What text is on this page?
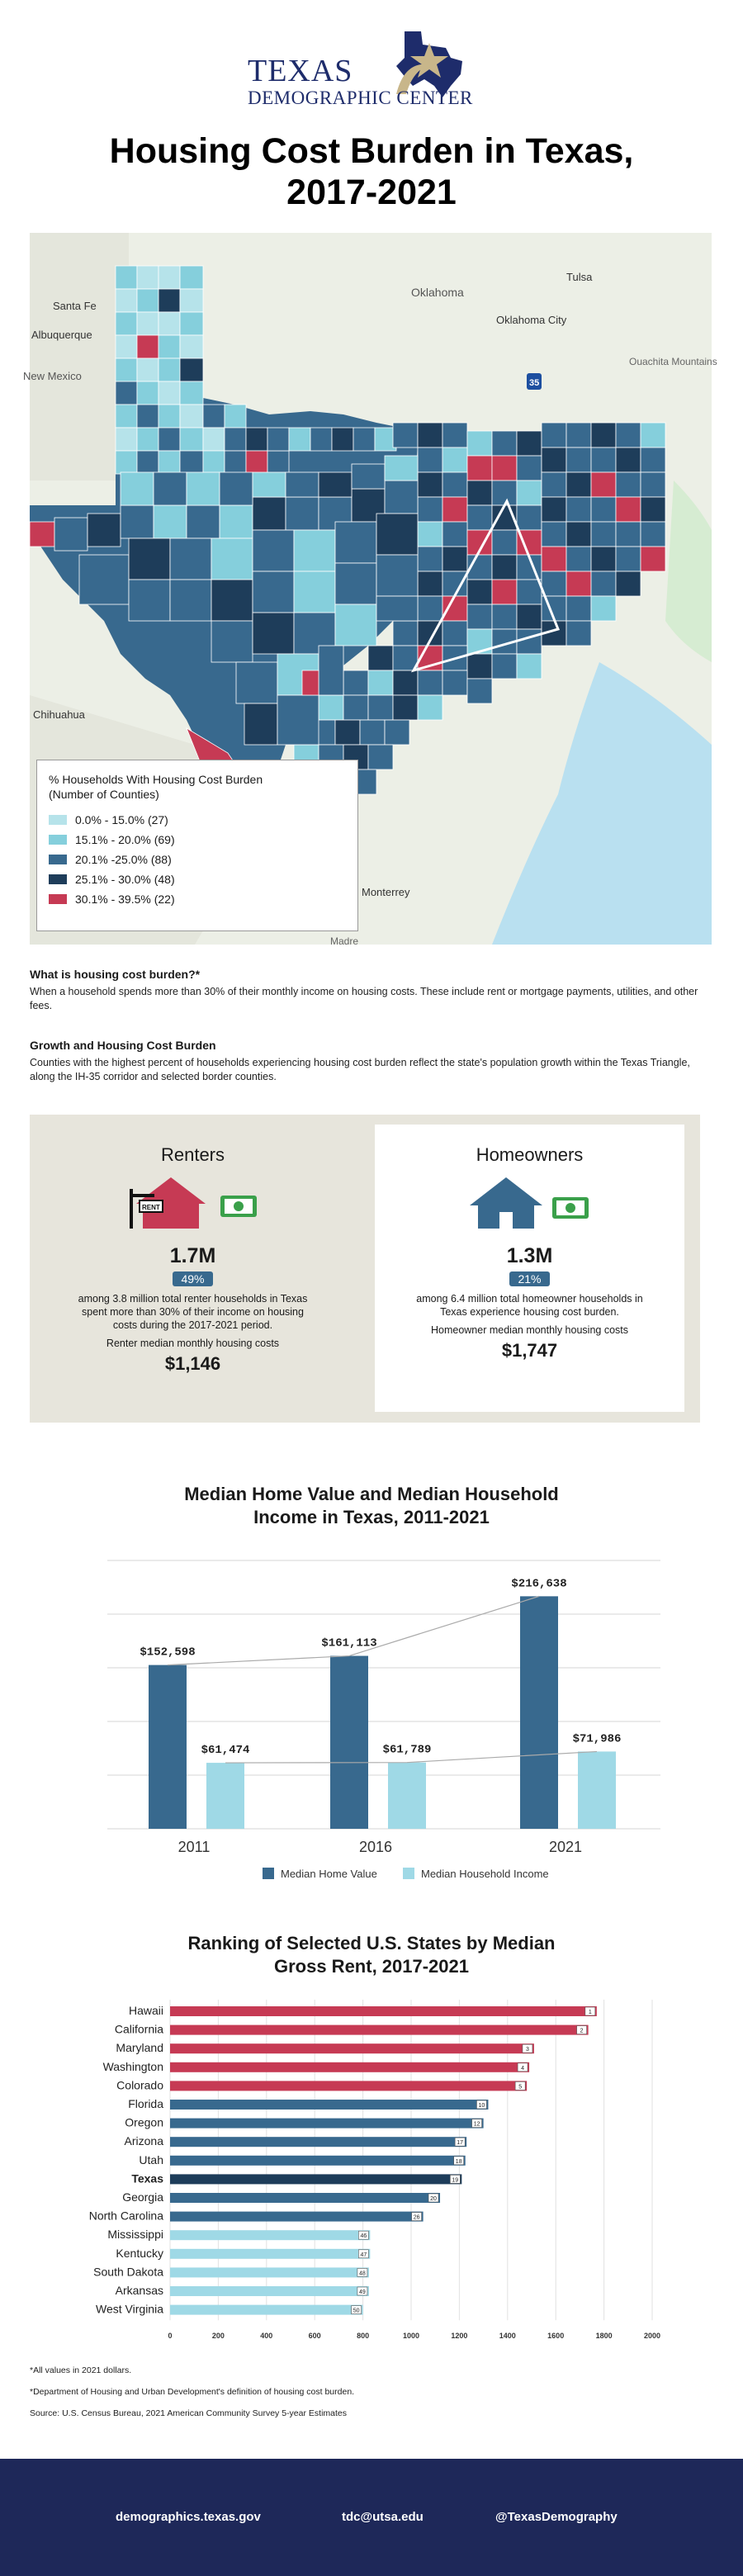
TEXAS
DEMOGRAPHIC CENTER
Housing Cost Burden in Texas,
2017-2021
Santa Fe
Albuquerque
New Mexico
Oklahoma
Tulsa
Oklahoma City
Ouachita Mountains
Chihuahua
Monterrey
Madre
35
% Households With Housing Cost Burden
(Number of Counties)
0.0% - 15.0% (27)
15.1% - 20.0% (69)
20.1% -25.0% (88)
25.1% - 30.0% (48)
30.1% - 39.5% (22)
What is housing cost burden?*

When a household spends more than 30% of their monthly income on housing costs. These include rent or mortgage payments, utilities, and other fees.

Growth and Housing Cost Burden

Counties with the highest percent of households experiencing housing cost burden reflect the state's population growth within the Texas Triangle, along the IH-35 corridor and selected border counties.

Renters
RENT
1.7M
49%
among 3.8 million total renter households in Texas spent more than 30% of their income on housing costs during the 2017-2021 period.
Renter median monthly housing costs
$1,146
Homeowners
1.3M
21%
among 6.4 million total homeowner households in Texas experience housing cost burden.
Homeowner median monthly housing costs
$1,747
Median Home Value and Median Household
Income in Texas, 2011-2021
$152,598
$61,474
2011
$161,113
$61,789
2016
$216,638
$71,986
2021
Median Home Value	Median Household Income
Ranking of Selected U.S. States by Median
Gross Rent, 2017-2021
0	200	400	600	800	1000	1200	1400	1600	1800	2000
Hawaii	1
California	2
Maryland	3
Washington	4
Colorado	5
Florida	10
Oregon	12
Arizona	17
Utah	18
Texas	19
Georgia	20
North Carolina	26
Mississippi	46
Kentucky	47
South Dakota	48
Arkansas	49
West Virginia	50

*All values in 2021 dollars.

*Department of Housing and Urban Development's definition of housing cost burden.

Source: U.S. Census Bureau, 2021 American Community Survey 5-year Estimates

demographics.texas.gov	tdc@utsa.edu	@TexasDemography
